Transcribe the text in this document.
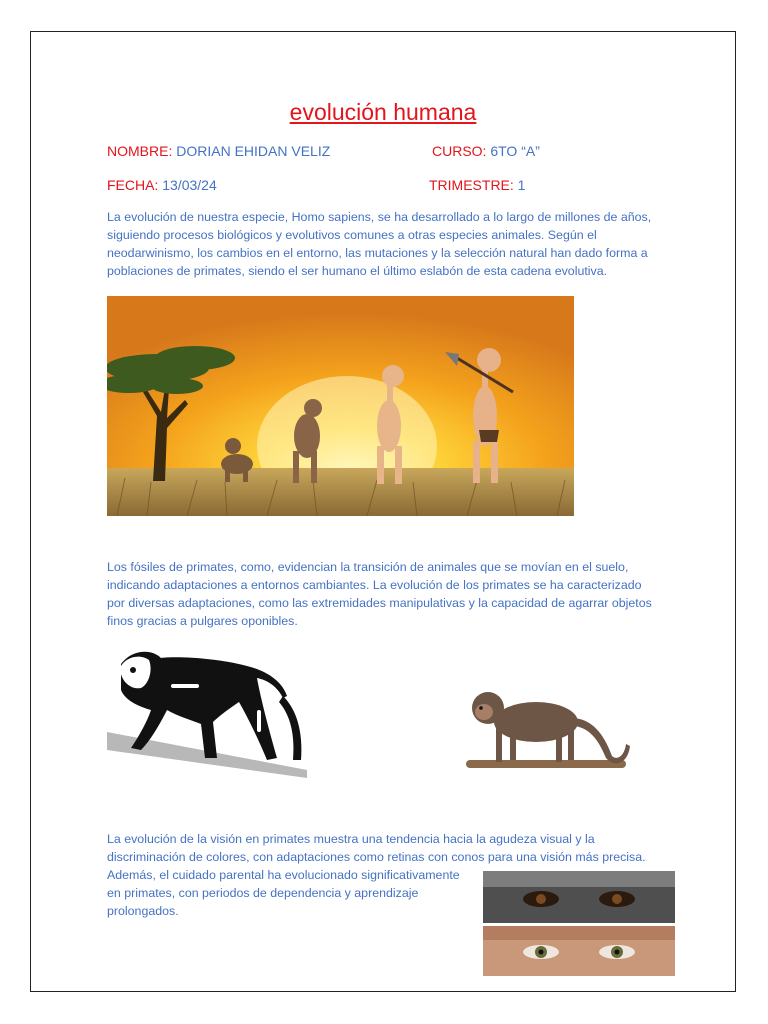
evolución humana
NOMBRE: DORIAN EHIDAN VELIZ	CURSO: 6TO “A”
FECHA: 13/03/24	TRIMESTRE: 1
La evolución de nuestra especie, Homo sapiens, se ha desarrollado a lo largo de millones de años,
siguiendo procesos biológicos y evolutivos comunes a otras especies animales. Según el
neodarwinismo, los cambios en el entorno, las mutaciones y la selección natural han dado forma a
poblaciones de primates, siendo el ser humano el último eslabón de esta cadena evolutiva.
Los fósiles de primates, como, evidencian la transición de animales que se movían en el suelo,
indicando adaptaciones a entornos cambiantes. La evolución de los primates se ha caracterizado
por diversas adaptaciones, como las extremidades manipulativas y la capacidad de agarrar objetos
finos gracias a pulgares oponibles.
La evolución de la visión en primates muestra una tendencia hacia la agudeza visual y la
discriminación de colores, con adaptaciones como retinas con conos para una visión más precisa.
Además, el cuidado parental ha evolucionado significativamente
en primates, con periodos de dependencia y aprendizaje
prolongados.
